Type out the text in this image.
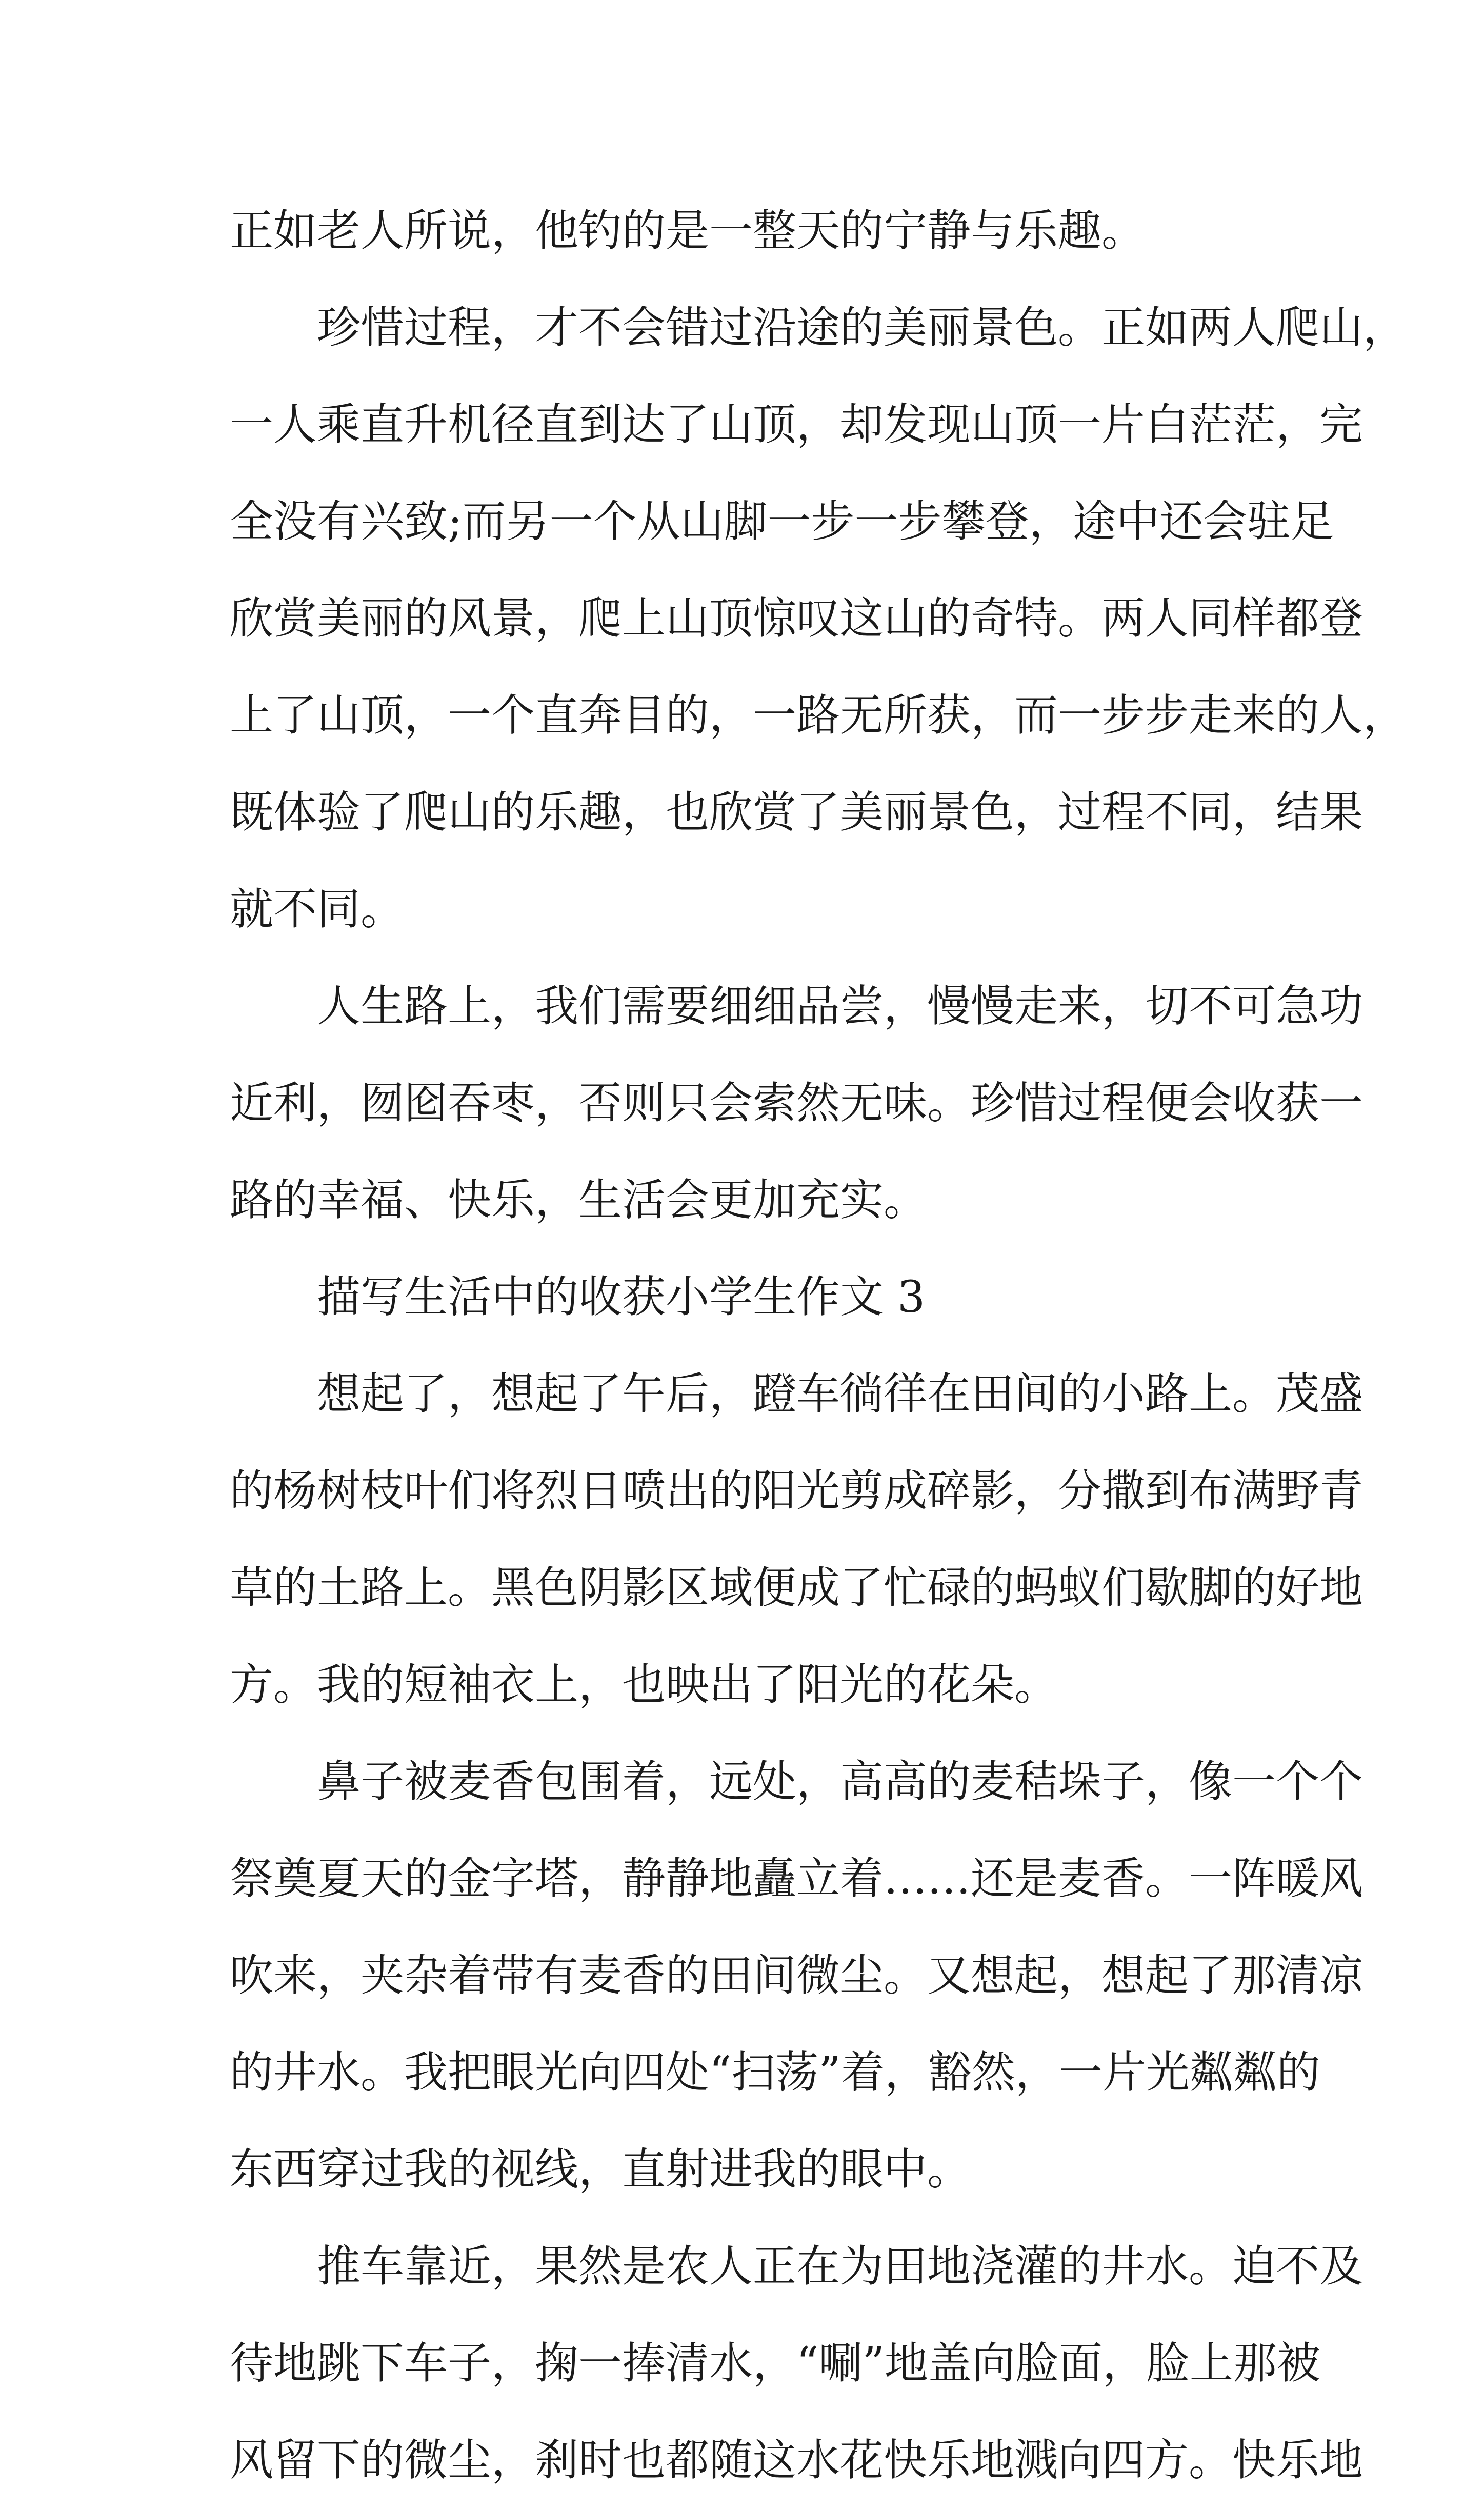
正如老人所说，他钓的是一整天的宁静与乐趣。
珍惜过程，才不会错过沿途的美丽景色。正如两人爬山，
一人乘直升机径直到达了山顶，却发现山顶一片白茫茫，完
全没有兴致;而另一个从山脚一步一步攀登，途中还会驻足
欣赏美丽的风景，爬上山顶惊叹这山的奇特。两人同样都登
上了山顶，一个直奔目的，一路无所获，而一步步走来的人，
既体验了爬山的乐趣，也欣赏了美丽景色，过程不同，结果
就不同。
人生路上，我们需要细细品尝，慢慢走来，切不可急功
近利，囫囵吞枣，否则只会索然无味。珍惜过程便会收获一
路的幸福、快乐，生活会更加充实。
描写生活中的收获小学生作文 3
想起了，想起了午后，蹬车徜徉在田间的小路上。茂盛
的杨树枝叶们将烈日喷出的阳光剪成碎影，分撒到布满野青
草的土路上。黑色阴影区域便成了忙碌的蚂蚁们歇脚的好地
方。我的短袖衣上，也映出了阳光的花朵。
鼻子被麦香包围着，远处，高高的麦秸垛子，像一个个
祭奠夏天的金字塔，静静地矗立着……还是麦香。一阵暖风
吹来，夹杂着带有麦香的田间微尘。又想起，想起了那清凉
的井水。我把眼光向四处“扫荡”着，豁然，一片光粼粼的
东西穿过我的视线，直射进我的眼中。
推车靠近，果然是农人正在为田地浇灌的井水。迫不及
待地跳下车子，掬一捧清水，“唰”地盖向脸面，脸上那被
风留下的微尘，刹时也都随这水花快乐地溅向四方。快乐地
